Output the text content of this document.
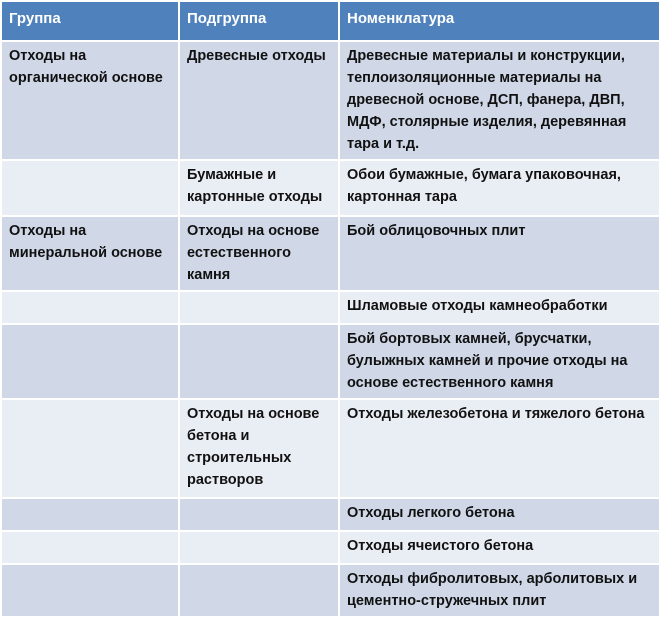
Группа	Подгруппа	Номенклатура
Отходы на органической основе	Древесные отходы	Древесные материалы и конструкции, теплоизоляционные материалы на древесной основе, ДСП, фанера, ДВП, МДФ, столярные изделия, деревянная тара и т.д.
	Бумажные и картонные отходы	Обои бумажные, бумага упаковочная, картонная тара
Отходы на минеральной основе	Отходы на основе естественного камня	Бой облицовочных плит
		Шламовые отходы камнеобработки
		Бой бортовых камней, брусчатки, булыжных камней и прочие отходы на основе естественного камня
	Отходы на основе бетона и строительных растворов	Отходы железобетона и тяжелого бетона
		Отходы легкого бетона
		Отходы ячеистого бетона
		Отходы фибролитовых, арболитовых и цементно-стружечных плит
